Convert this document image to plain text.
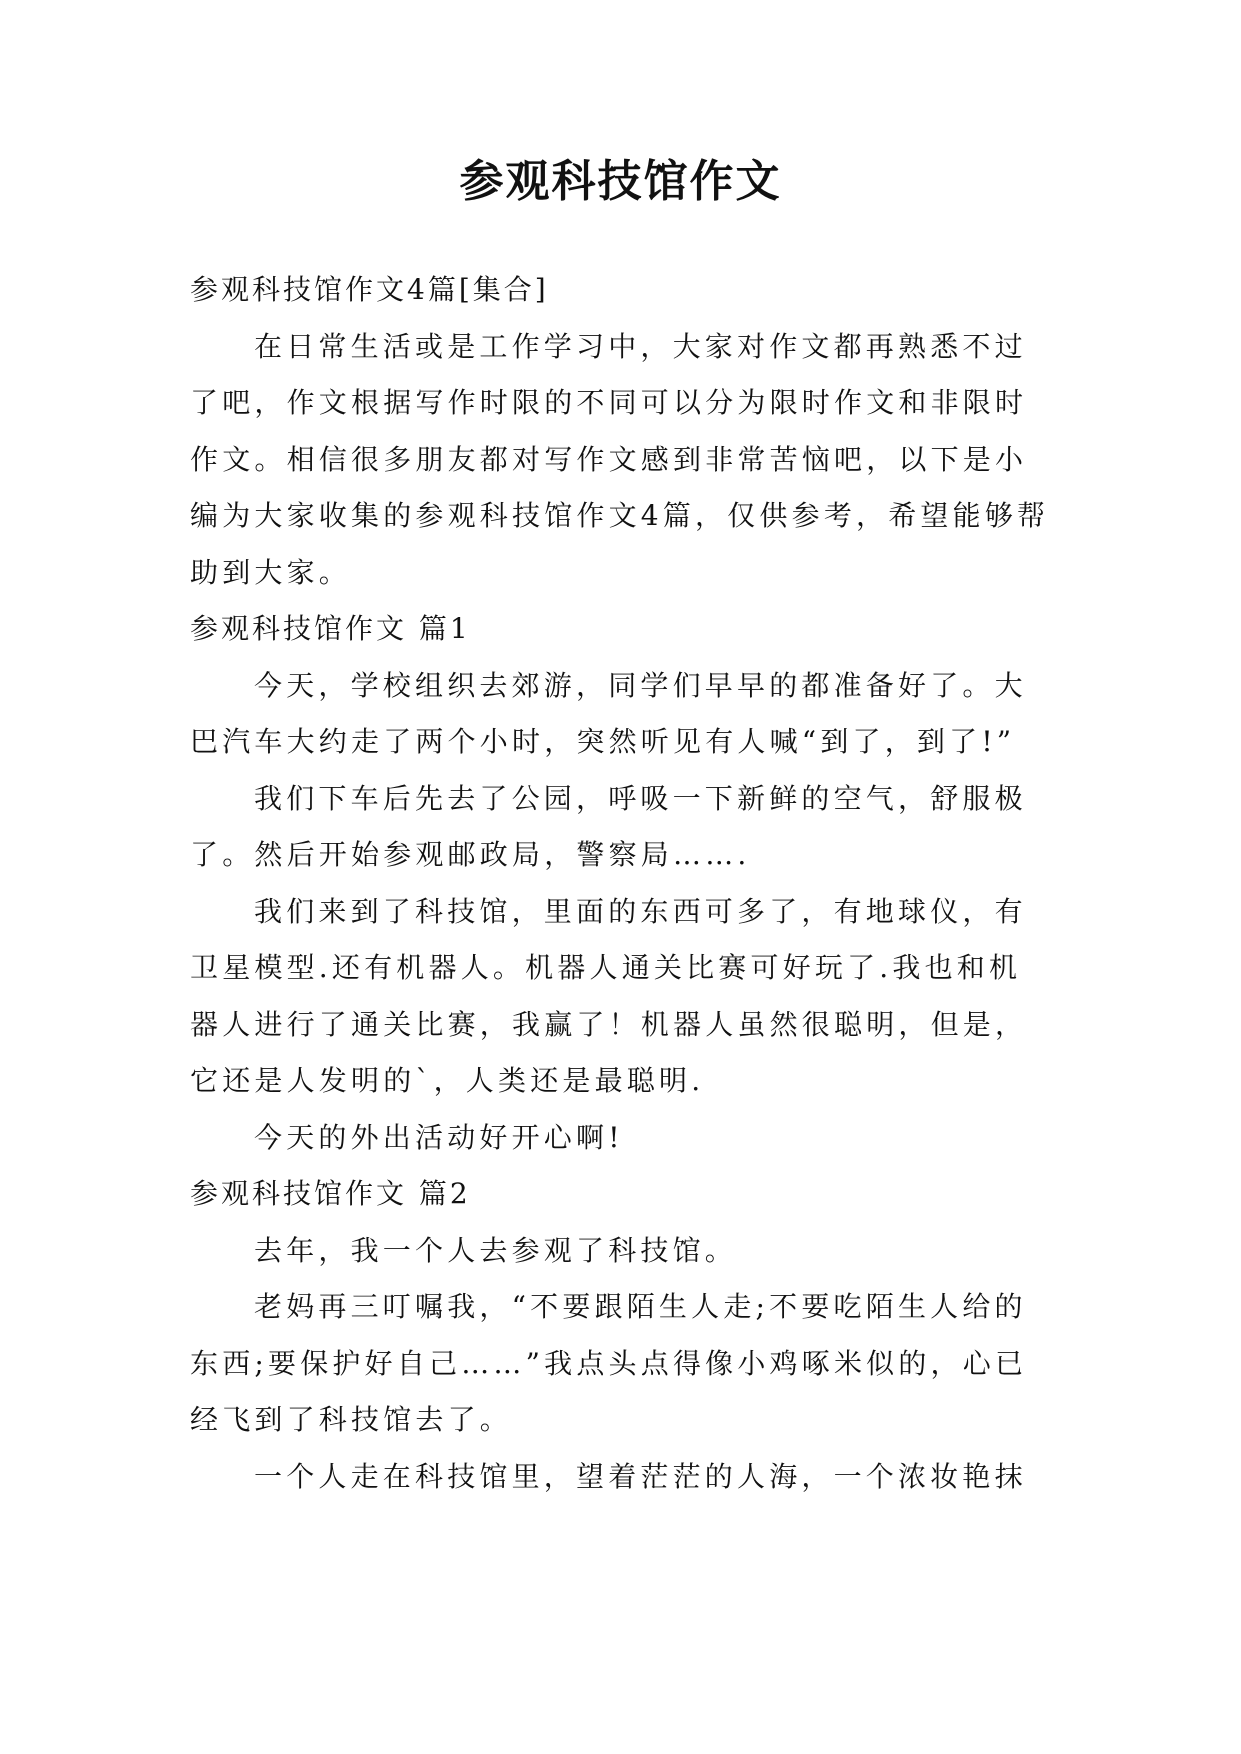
参观科技馆作文

参观科技馆作文4篇[集合]

在日常生活或是工作学习中，大家对作文都再熟悉不过了吧，作文根据写作时限的不同可以分为限时作文和非限时作文。相信很多朋友都对写作文感到非常苦恼吧，以下是小编为大家收集的参观科技馆作文4篇，仅供参考，希望能够帮助到大家。

参观科技馆作文 篇1

今天，学校组织去郊游，同学们早早的都准备好了。大巴汽车大约走了两个小时，突然听见有人喊“到了，到了!”

我们下车后先去了公园，呼吸一下新鲜的空气，舒服极了。然后开始参观邮政局，警察局…….

我们来到了科技馆，里面的东西可多了，有地球仪，有卫星模型.还有机器人。机器人通关比赛可好玩了.我也和机器人进行了通关比赛，我赢了！机器人虽然很聪明，但是，它还是人发明的`，人类还是最聪明.

今天的外出活动好开心啊!

参观科技馆作文 篇2

去年，我一个人去参观了科技馆。

老妈再三叮嘱我，“不要跟陌生人走;不要吃陌生人给的东西;要保护好自己……”我点头点得像小鸡啄米似的，心已经飞到了科技馆去了。

一个人走在科技馆里，望着茫茫的人海，一个浓妆艳抹
